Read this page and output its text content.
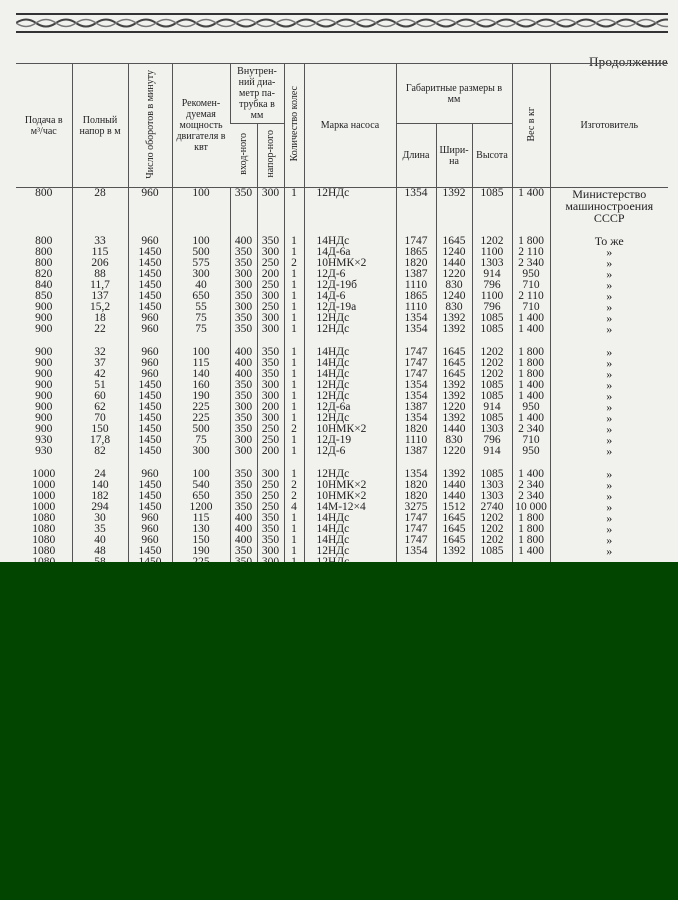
Продолжение
Подача в м³/час	Полный напор в м	Число оборотов в минуту	Рекомен-дуемая мощность двигателя в квт	Внутрен-ний диа-метр па-трубка в мм		Количество колес	Марка насоса	Габаритные размеры в мм			Вес в кг	Изготовитель
				вход-ного	напор-ного			Длина	Шири-на	Высота		
800	28	960	100	350	300	1	12НДс	1354	1392	1085	1 400	Министерство машиностроения СССР

800	33	960	100	400	350	1	14НДс	1747	1645	1202	1 800	То же
800	115	1450	500	350	300	1	14Д-6а	1865	1240	1100	2 110	»
800	206	1450	575	350	250	2	10НМК×2	1820	1440	1303	2 340	»
820	88	1450	300	300	200	1	12Д-6	1387	1220	914	950	»
840	11,7	1450	40	300	250	1	12Д-19б	1110	830	796	710	»
850	137	1450	650	350	300	1	14Д-6	1865	1240	1100	2 110	»
900	15,2	1450	55	300	250	1	12Д-19а	1110	830	796	710	»
900	18	960	75	350	300	1	12НДс	1354	1392	1085	1 400	»
900	22	960	75	350	300	1	12НДс	1354	1392	1085	1 400	»

900	32	960	100	400	350	1	14НДс	1747	1645	1202	1 800	»
900	37	960	115	400	350	1	14НДс	1747	1645	1202	1 800	»
900	42	960	140	400	350	1	14НДс	1747	1645	1202	1 800	»
900	51	1450	160	350	300	1	12НДс	1354	1392	1085	1 400	»
900	60	1450	190	350	300	1	12НДс	1354	1392	1085	1 400	»
900	62	1450	225	300	200	1	12Д-6а	1387	1220	914	950	»
900	70	1450	225	350	300	1	12НДс	1354	1392	1085	1 400	»
900	150	1450	500	350	250	2	10НМК×2	1820	1440	1303	2 340	»
930	17,8	1450	75	300	250	1	12Д-19	1110	830	796	710	»
930	82	1450	300	300	200	1	12Д-6	1387	1220	914	950	»

1000	24	960	100	350	300	1	12НДс	1354	1392	1085	1 400	»
1000	140	1450	540	350	250	2	10НМК×2	1820	1440	1303	2 340	»
1000	182	1450	650	350	250	2	10НМК×2	1820	1440	1303	2 340	»
1000	294	1450	1200	350	250	4	14М-12×4	3275	1512	2740	10 000	»
1080	30	960	115	400	350	1	14НДс	1747	1645	1202	1 800	»
1080	35	960	130	400	350	1	14НДс	1747	1645	1202	1 800	»
1080	40	960	150	400	350	1	14НДс	1747	1645	1202	1 800	»
1080	48	1450	190	350	300	1	12НДс	1354	1392	1085	1 400	»
